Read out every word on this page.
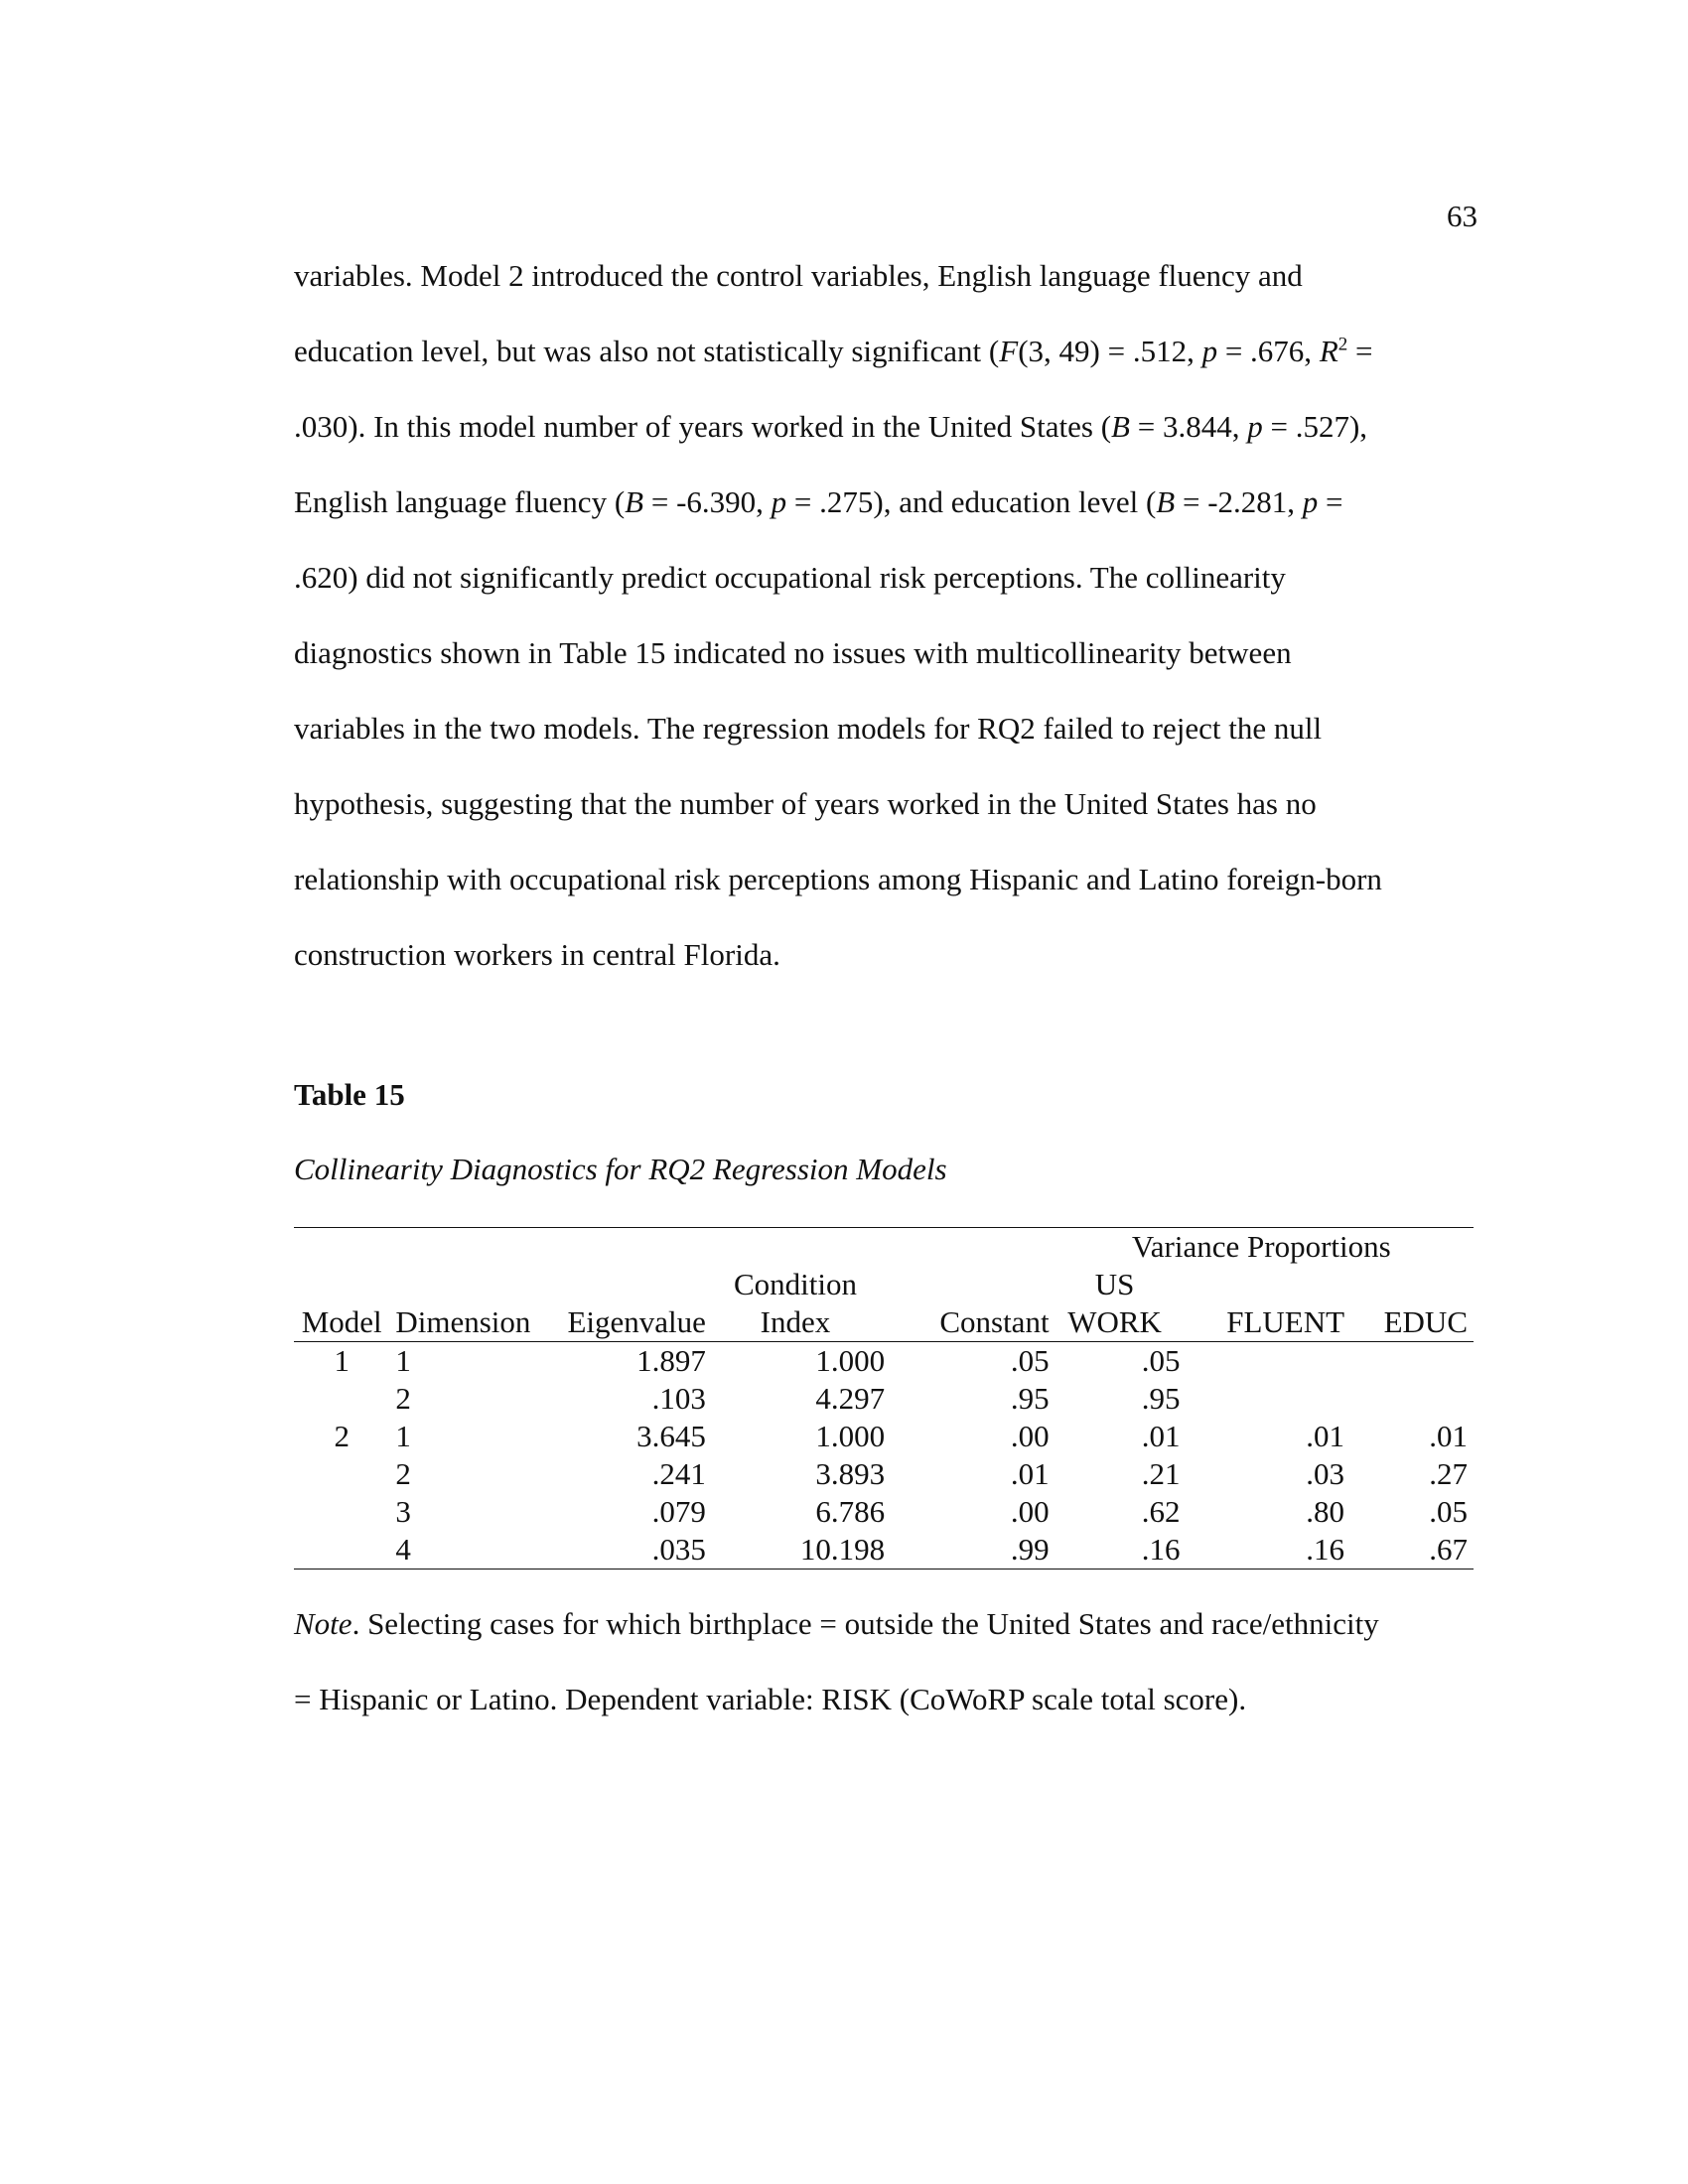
63
variables. Model 2 introduced the control variables, English language fluency and
education level, but was also not statistically significant (F(3, 49) = .512, p = .676, $R^2$ =
.030). In this model number of years worked in the United States (B = 3.844, p = .527),
English language fluency (B = -6.390, p = .275), and education level (B = -2.281, p =
.620) did not significantly predict occupational risk perceptions. The collinearity
diagnostics shown in Table 15 indicated no issues with multicollinearity between
variables in the two models. The regression models for RQ2 failed to reject the null
hypothesis, suggesting that the number of years worked in the United States has no
relationship with occupational risk perceptions among Hispanic and Latino foreign-born
construction workers in central Florida.
Table 15
Collinearity Diagnostics for RQ2 Regression Models
					Variance Proportions		
			Condition		US		
Model	Dimension	Eigenvalue	Index	Constant	WORK	FLUENT	EDUC
1	1	1.897	1.000	.05	.05		
	2	.103	4.297	.95	.95		
2	1	3.645	1.000	.00	.01	.01	.01
	2	.241	3.893	.01	.21	.03	.27
	3	.079	6.786	.00	.62	.80	.05
	4	.035	10.198	.99	.16	.16	.67
Note. Selecting cases for which birthplace = outside the United States and race/ethnicity
= Hispanic or Latino. Dependent variable: RISK (CoWoRP scale total score).
